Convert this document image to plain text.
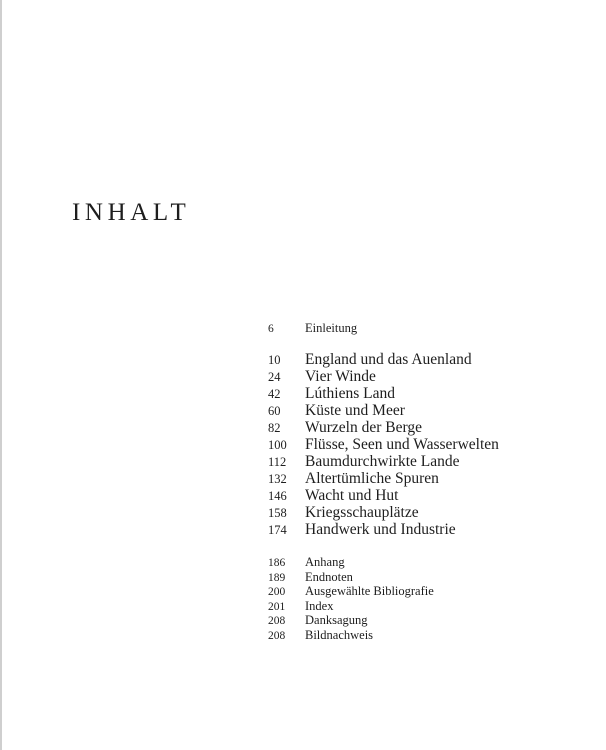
INHALT
6	Einleitung
10	England und das Auenland
24	Vier Winde
42	Lúthiens Land
60	Küste und Meer
82	Wurzeln der Berge
100	Flüsse, Seen und Wasserwelten
112	Baumdurchwirkte Lande
132	Altertümliche Spuren
146	Wacht und Hut
158	Kriegsschauplätze
174	Handwerk und Industrie
186	Anhang
189	Endnoten
200	Ausgewählte Bibliografie
201	Index
208	Danksagung
208	Bildnachweis
